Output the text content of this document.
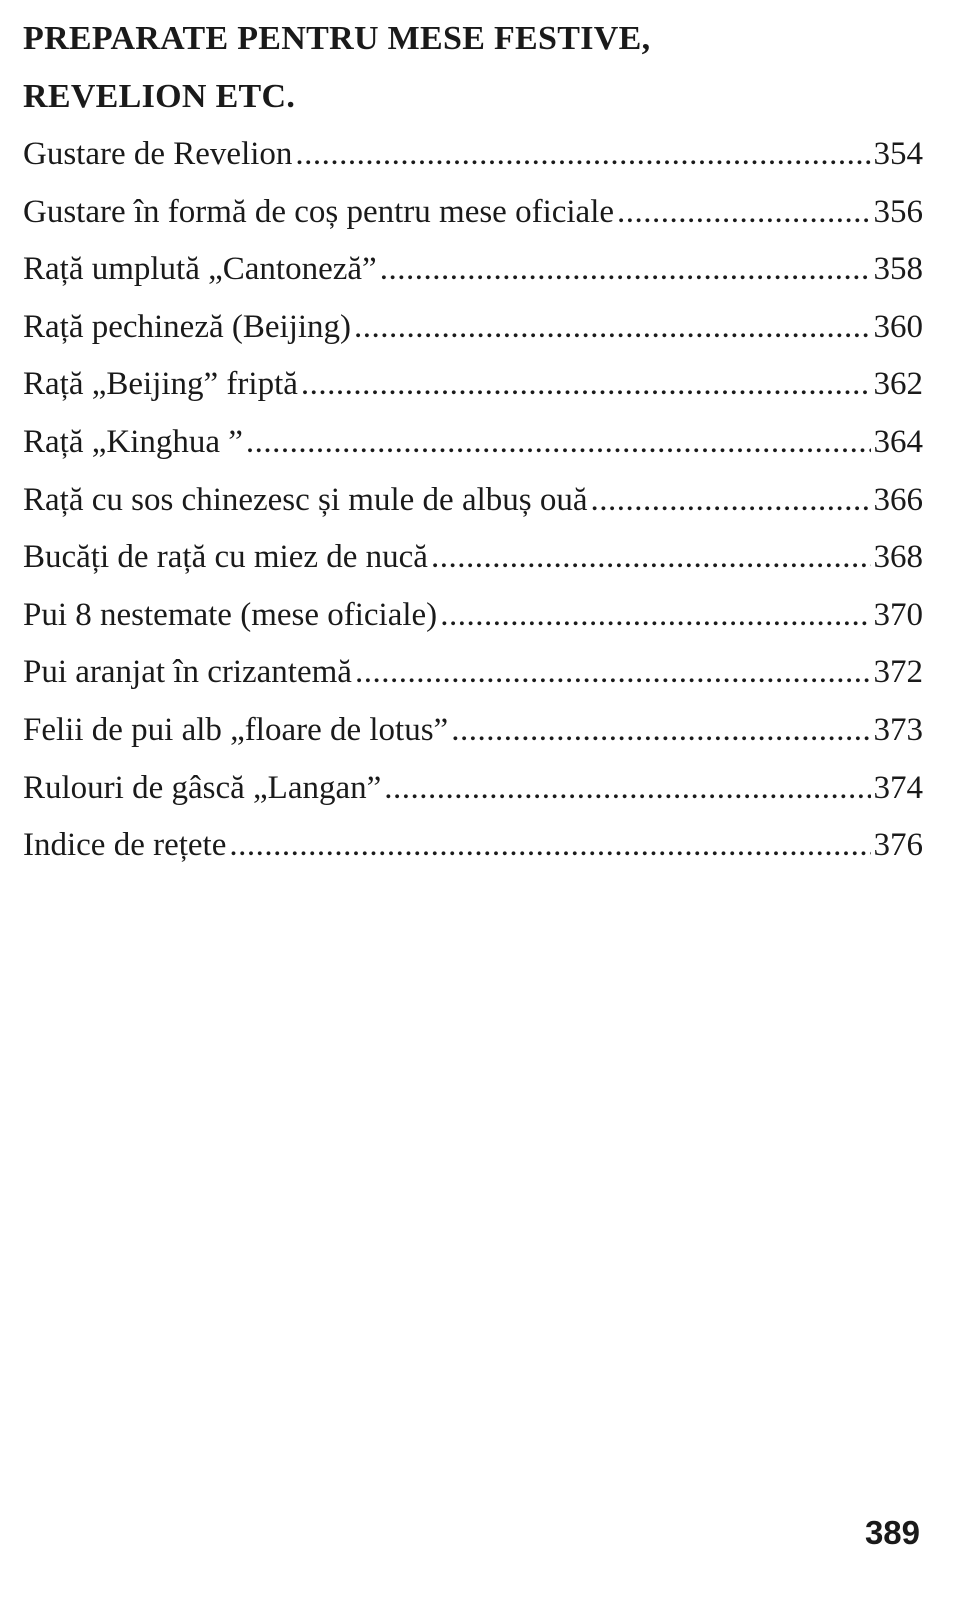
PREPARATE PENTRU MESE FESTIVE,
REVELION ETC.
Gustare de Revelion .....	354
Gustare în formă de coș pentru mese oficiale .....	356
Rață umplută „Cantoneză” .....	358
Rață pechineză (Beijing) .....	360
Rață „Beijing” friptă .....	362
Rață „Kinghua ” .....	364
Rață cu sos chinezesc și mule de albuș ouă .....	366
Bucăți de rață cu miez de nucă .....	368
Pui 8 nestemate (mese oficiale) .....	370
Pui aranjat în crizantemă .....	372
Felii de pui alb „floare de lotus” .....	373
Rulouri de gâscă „Langan” .....	374
Indice de rețete .....	376
389
